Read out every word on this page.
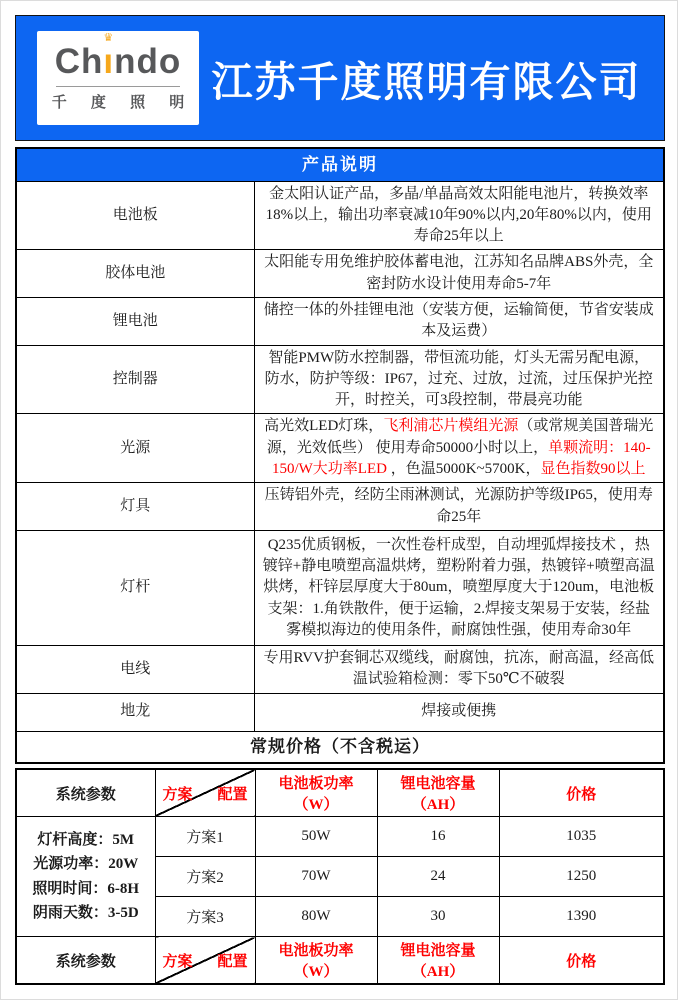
Ch
♛
ındo
千 度 照 明 江苏千度照明有限公司
产品说明	
电池板	金太阳认证产品，多晶/单晶高效太阳能电池片，转换效率18%以上，输出功率衰减10年90%以内,20年80%以内，使用寿命25年以上
胶体电池	太阳能专用免维护胶体蓄电池，江苏知名品牌ABS外壳，全密封防水设计使用寿命5-7年
锂电池	储控一体的外挂锂电池（安装方便，运输简便，节省安装成本及运费）
控制器	智能PMW防水控制器，带恒流功能，灯头无需另配电源，防水，防护等级：IP67，过充、过放，过流，过压保护光控开，时控关，可3段控制，带晨亮功能
光源	高光效LED灯珠，飞利浦芯片模组光源（或常规美国普瑞光源，光效低些） 使用寿命50000小时以上，单颗流明：140-150/W大功率LED ，色温5000K~5700K，显色指数90以上
灯具	压铸铝外壳，经防尘雨淋测试，光源防护等级IP65，使用寿命25年
灯杆	Q235优质钢板，一次性卷杆成型，自动埋弧焊接技术 ，热镀锌+静电喷塑高温烘烤，塑粉附着力强，热镀锌+喷塑高温烘烤，杆锌层厚度大于80um，喷塑厚度大于120um，电池板支架：1.角铁散件，便于运输，2.焊接支架易于安装，经盐雾模拟海边的使用条件，耐腐蚀性强，使用寿命30年
电线	专用RVV护套铜芯双缆线，耐腐蚀，抗冻，耐高温，经高低温试验箱检测：零下50℃不破裂
地龙	焊接或便携
常规价格（不含税运）	
系统参数	方案 配置	电池板功率（W）	锂电池容量（AH）	价格

灯杆高度：5M
光源功率：20W
照明时间：6-8H
阴雨天数：3-5D	方案1	50W	16	1035
	方案2	70W	24	1250
	方案3	80W	30	1390
系统参数	方案 配置	电池板功率（W）	锂电池容量（AH）	价格
